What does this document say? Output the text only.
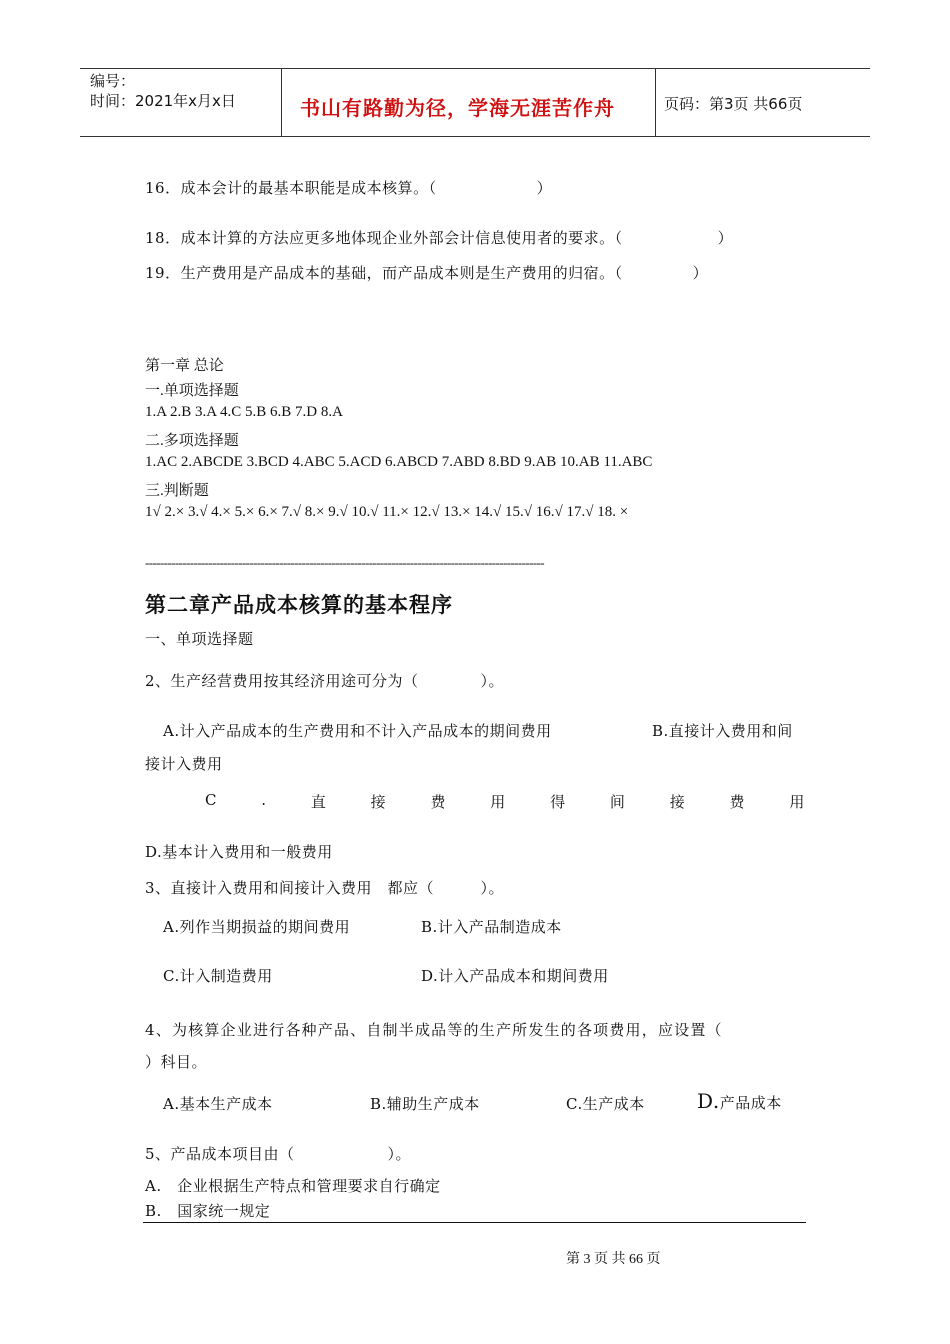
编号：
时间：2021年x月x日	书山有路勤为径，学海无涯苦作舟	页码：第3页 共66页
16．成本会计的最基本职能是成本核算。（	）
18．成本计算的方法应更多地体现企业外部会计信息使用者的要求。（	）
19．生产费用是产品成本的基础，而产品成本则是生产费用的归宿。（	）
第一章 总论
一.单项选择题
1.A 2.B 3.A 4.C 5.B 6.B 7.D 8.A
二.多项选择题
1.AC 2.ABCDE 3.BCD 4.ABC 5.ACD 6.ABCD 7.ABD 8.BD 9.AB 10.AB 11.ABC
三.判断题
1√ 2.× 3.√ 4.× 5.× 6.× 7.√ 8.× 9.√ 10.√ 11.× 12.√ 13.× 14.√ 15.√ 16.√ 17.√ 18. ×
-----------------------------------------------------------------------------------------------------------
第二章产品成本核算的基本程序
一、单项选择题
2、生产经营费用按其经济用途可分为（　　　　）。
A.计入产品成本的生产费用和不计入产品成本的期间费用	B.直接计入费用和间
接计入费用
C	.	直	接	费	用	得	间	接	费	用
D.基本计入费用和一般费用
3、直接计入费用和间接计入费用　都应（　　　）。
A.列作当期损益的期间费用	B.计入产品制造成本
C.计入制造费用	D.计入产品成本和期间费用
4、为核算企业进行各种产品、自制半成品等的生产所发生的各项费用，应设置（
）科目。
A.基本生产成本	B.辅助生产成本	C.生产成本	D.产品成本
5、产品成本项目由（　　　　　　）。
A.　企业根据生产特点和管理要求自行确定
B.　国家统一规定
第 3 页 共 66 页
